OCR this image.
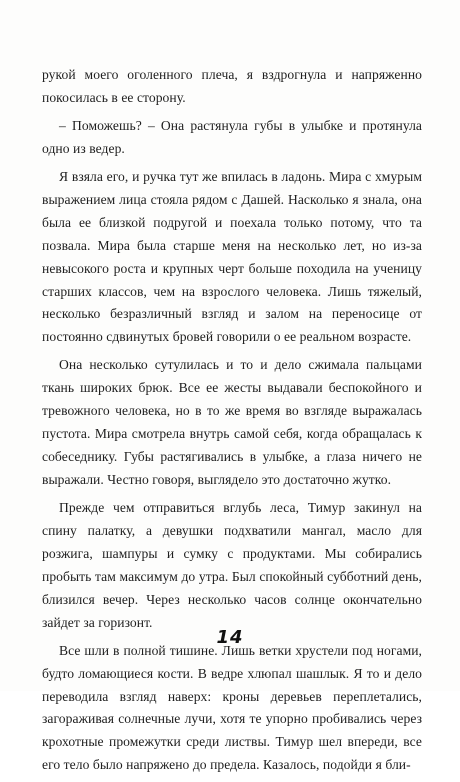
рукой моего оголенного плеча, я вздрогнула и напряженно покосилась в ее сторону.

– Поможешь? – Она растянула губы в улыбке и протянула одно из ведер.

Я взяла его, и ручка тут же впилась в ладонь. Мира с хмурым выражением лица стояла рядом с Дашей. Насколько я знала, она была ее близкой подругой и поехала только потому, что та позвала. Мира была старше меня на несколько лет, но из-за невысокого роста и крупных черт больше походила на ученицу старших классов, чем на взрослого человека. Лишь тяжелый, несколько безразличный взгляд и залом на переносице от постоянно сдвинутых бровей говорили о ее реальном возрасте.

Она несколько сутулилась и то и дело сжимала пальцами ткань широких брюк. Все ее жесты выдавали беспокойного и тревожного человека, но в то же время во взгляде выражалась пустота. Мира смотрела внутрь самой себя, когда обращалась к собеседнику. Губы растягивались в улыбке, а глаза ничего не выражали. Честно говоря, выглядело это достаточно жутко.

Прежде чем отправиться вглубь леса, Тимур закинул на спину палатку, а девушки подхватили мангал, масло для розжига, шампуры и сумку с продуктами. Мы собирались пробыть там максимум до утра. Был спокойный субботний день, близился вечер. Через несколько часов солнце окончательно зайдет за горизонт.

Все шли в полной тишине. Лишь ветки хрустели под ногами, будто ломающиеся кости. В ведре хлюпал шашлык. Я то и дело переводила взгляд наверх: кроны деревьев переплетались, загораживая солнечные лучи, хотя те упорно пробивались через крохотные промежутки среди листвы. Тимур шел впереди, все его тело было напряжено до предела. Казалось, подойди я бли-

14
